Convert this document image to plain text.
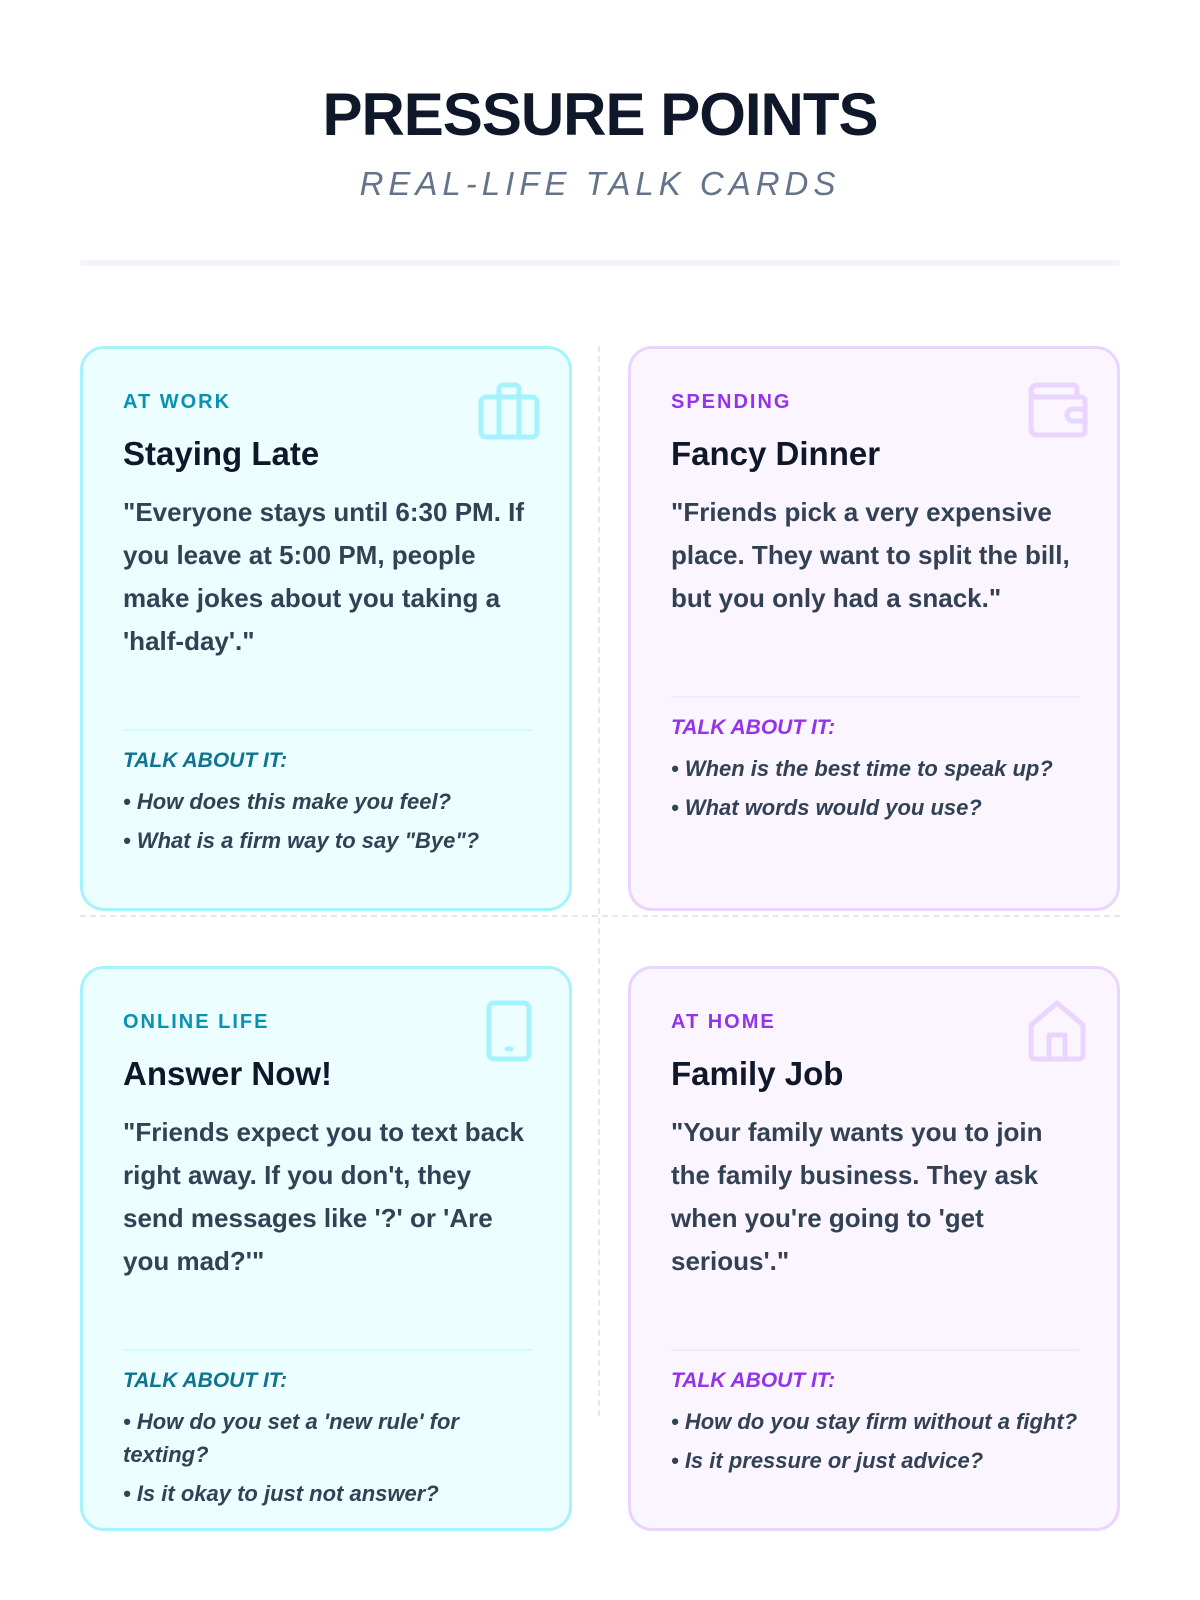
PRESSURE POINTS
REAL-LIFE TALK CARDS
AT WORK
Staying Late
"Everyone stays until 6:30 PM. If you leave at 5:00 PM, people make jokes about you taking a 'half-day'."
TALK ABOUT IT:
• How does this make you feel?
• What is a firm way to say "Bye"?
SPENDING
Fancy Dinner
"Friends pick a very expensive place. They want to split the bill, but you only had a snack."
TALK ABOUT IT:
• When is the best time to speak up?
• What words would you use?
ONLINE LIFE
Answer Now!
"Friends expect you to text back right away. If you don't, they send messages like '?' or 'Are you mad?'"
TALK ABOUT IT:
• How do you set a 'new rule' for texting?
• Is it okay to just not answer?
AT HOME
Family Job
"Your family wants you to join the family business. They ask when you're going to 'get serious'."
TALK ABOUT IT:
• How do you stay firm without a fight?
• Is it pressure or just advice?
